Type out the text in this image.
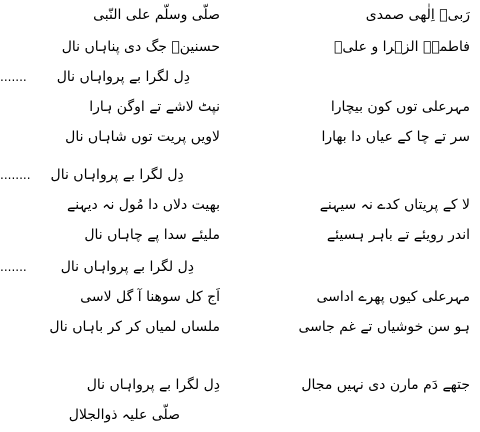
رَبیؐ اِلٰھی صمدی
صلّی وسلّم علی النّبی
فاطمۃؓ الزہرا و علیؓ
حسنینؓ جگ دی پناہاں نال
....... دِل لگرا بے پرواہاں نال
مہرعلی توں کون بیچارا
نپٹ لاشے تے اوگن ہارا
سر تے چا کے عیاں دا بھارا
لاویں پریت توں شاہاں نال
........ دِل لگرا بے پرواہاں نال
لا کے پریتاں کدے نہ سیہنے
بھیت دلاں دا مُول نہ دیہنے
اندر رویئے تے باہر ہسیئے
ملیئے سدا پے چاہاں نال
....... دِل لگرا بے پرواہاں نال
مہرعلی کیوں پھرے اداسی
اَج کل سوھنا آ گل لاسی
ہو سن خوشیاں تے غم جاسی
ملساں لمیاں کر کر باہاں نال
جتھے دَم مارن دی نہیں مجال
دِل لگرا بے پرواہاں نال
صلّی علیہ ذوالجلال
